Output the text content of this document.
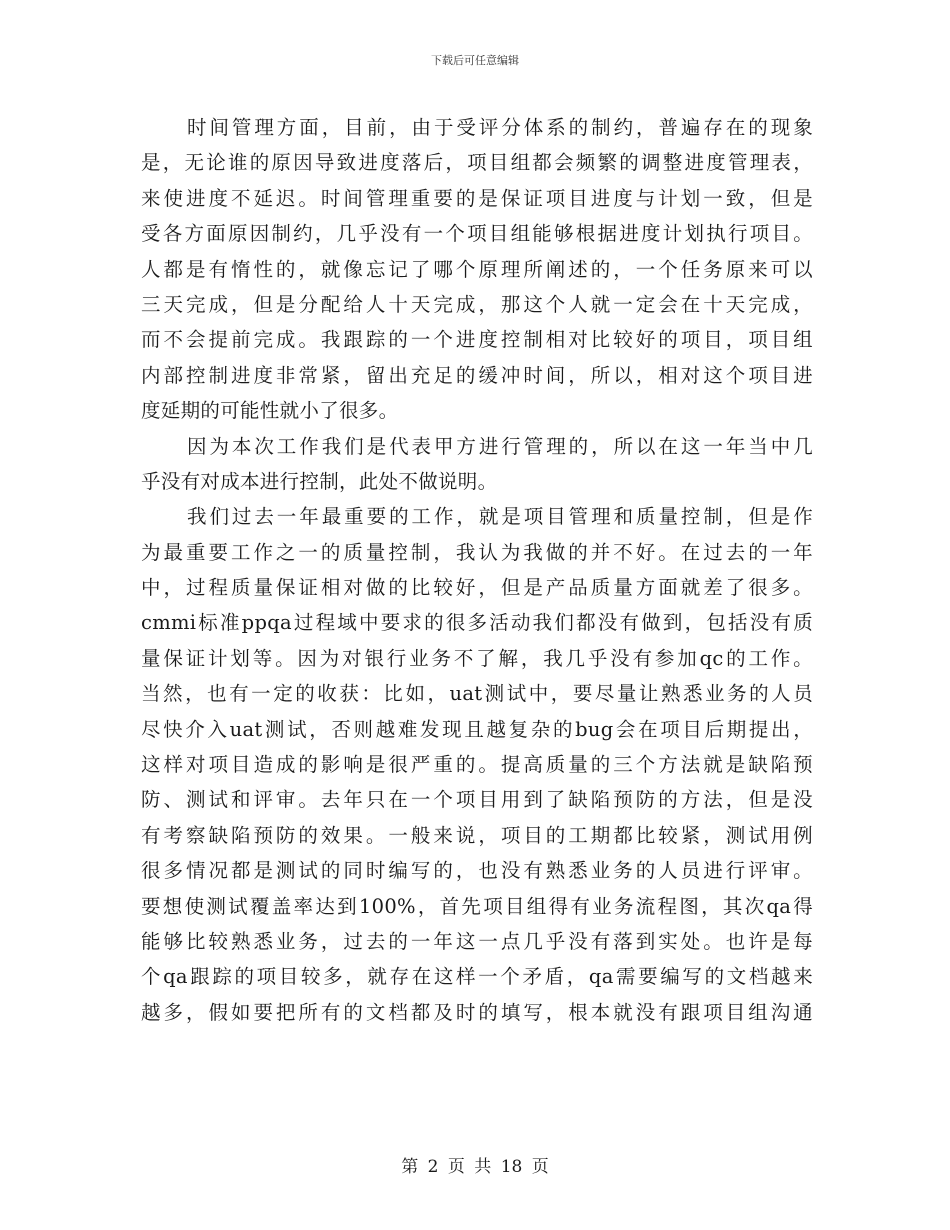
下载后可任意编辑
时间管理方面，目前，由于受评分体系的制约，普遍存在的现象
是，无论谁的原因导致进度落后，项目组都会频繁的调整进度管理表，
来使进度不延迟。时间管理重要的是保证项目进度与计划一致，但是
受各方面原因制约，几乎没有一个项目组能够根据进度计划执行项目。
人都是有惰性的，就像忘记了哪个原理所阐述的，一个任务原来可以
三天完成，但是分配给人十天完成，那这个人就一定会在十天完成，
而不会提前完成。我跟踪的一个进度控制相对比较好的项目，项目组
内部控制进度非常紧，留出充足的缓冲时间，所以，相对这个项目进
度延期的可能性就小了很多。
因为本次工作我们是代表甲方进行管理的，所以在这一年当中几
乎没有对成本进行控制，此处不做说明。
我们过去一年最重要的工作，就是项目管理和质量控制，但是作
为最重要工作之一的质量控制，我认为我做的并不好。在过去的一年
中，过程质量保证相对做的比较好，但是产品质量方面就差了很多。
cmmi标准ppqa过程域中要求的很多活动我们都没有做到，包括没有质
量保证计划等。因为对银行业务不了解，我几乎没有参加qc的工作。
当然，也有一定的收获：比如，uat测试中，要尽量让熟悉业务的人员
尽快介入uat测试，否则越难发现且越复杂的bug会在项目后期提出，
这样对项目造成的影响是很严重的。提高质量的三个方法就是缺陷预
防、测试和评审。去年只在一个项目用到了缺陷预防的方法，但是没
有考察缺陷预防的效果。一般来说，项目的工期都比较紧，测试用例
很多情况都是测试的同时编写的，也没有熟悉业务的人员进行评审。
要想使测试覆盖率达到100%，首先项目组得有业务流程图，其次qa得
能够比较熟悉业务，过去的一年这一点几乎没有落到实处。也许是每
个qa跟踪的项目较多，就存在这样一个矛盾，qa需要编写的文档越来
越多，假如要把所有的文档都及时的填写，根本就没有跟项目组沟通
第 2 页 共 18 页
